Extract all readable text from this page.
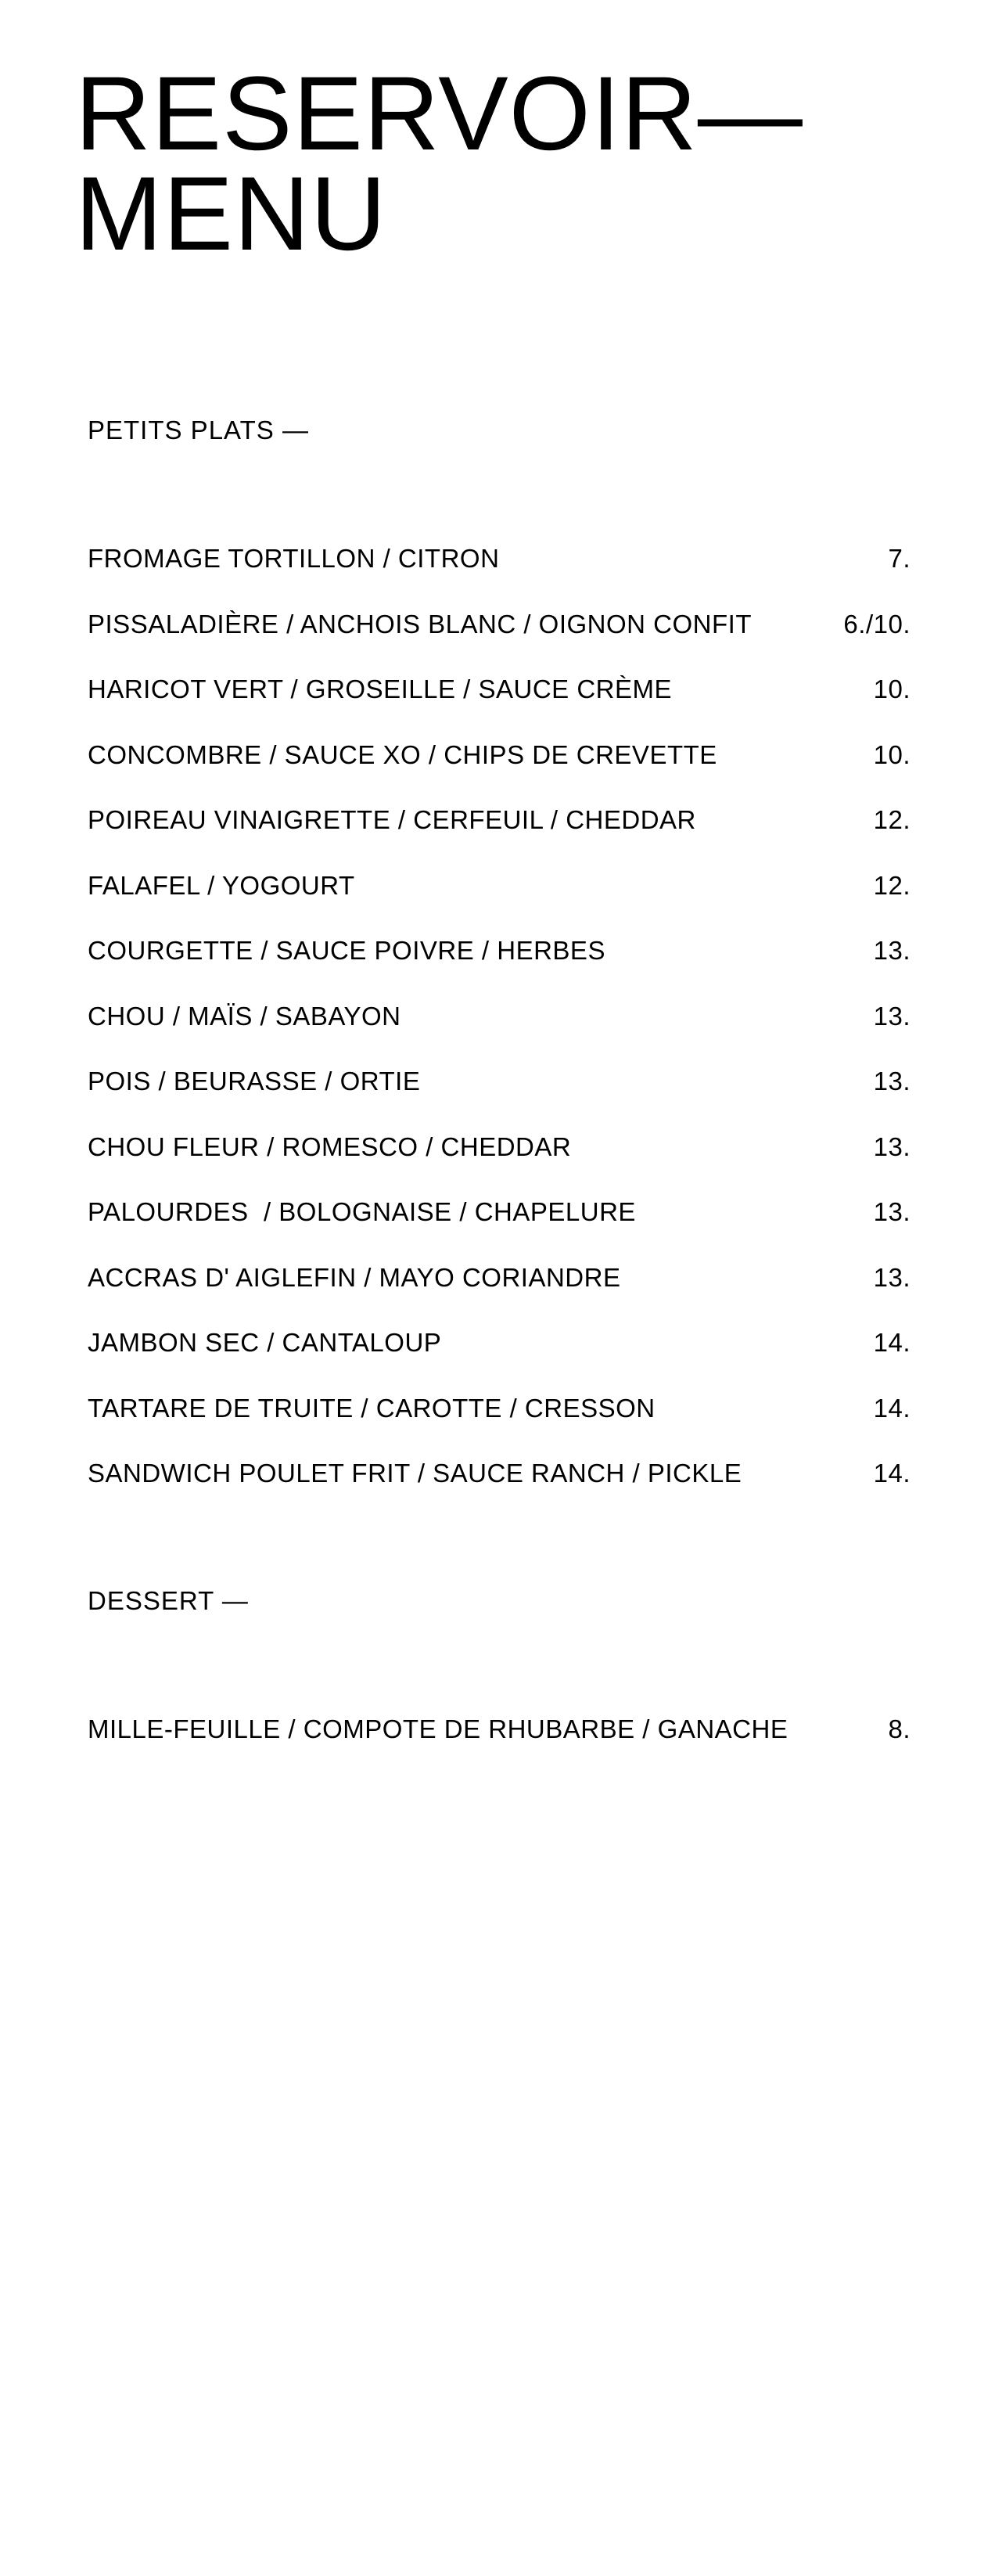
RESERVOIR—
MENU
PETITS PLATS —
FROMAGE TORTILLON / CITRON	7.
PISSALADIÈRE / ANCHOIS BLANC / OIGNON CONFIT	6./10.
HARICOT VERT / GROSEILLE / SAUCE CRÈME	10.
CONCOMBRE / SAUCE XO / CHIPS DE CREVETTE	10.
POIREAU VINAIGRETTE / CERFEUIL / CHEDDAR	12.
FALAFEL / YOGOURT	12.
COURGETTE / SAUCE POIVRE / HERBES	13.
CHOU / MAÏS / SABAYON	13.
POIS / BEURASSE / ORTIE	13.
CHOU FLEUR / ROMESCO / CHEDDAR	13.
PALOURDES  / BOLOGNAISE / CHAPELURE	13.
ACCRAS D' AIGLEFIN / MAYO CORIANDRE	13.
JAMBON SEC / CANTALOUP	14.
TARTARE DE TRUITE / CAROTTE / CRESSON	14.
SANDWICH POULET FRIT / SAUCE RANCH / PICKLE	14.
DESSERT —
MILLE-FEUILLE / COMPOTE DE RHUBARBE / GANACHE	8.
